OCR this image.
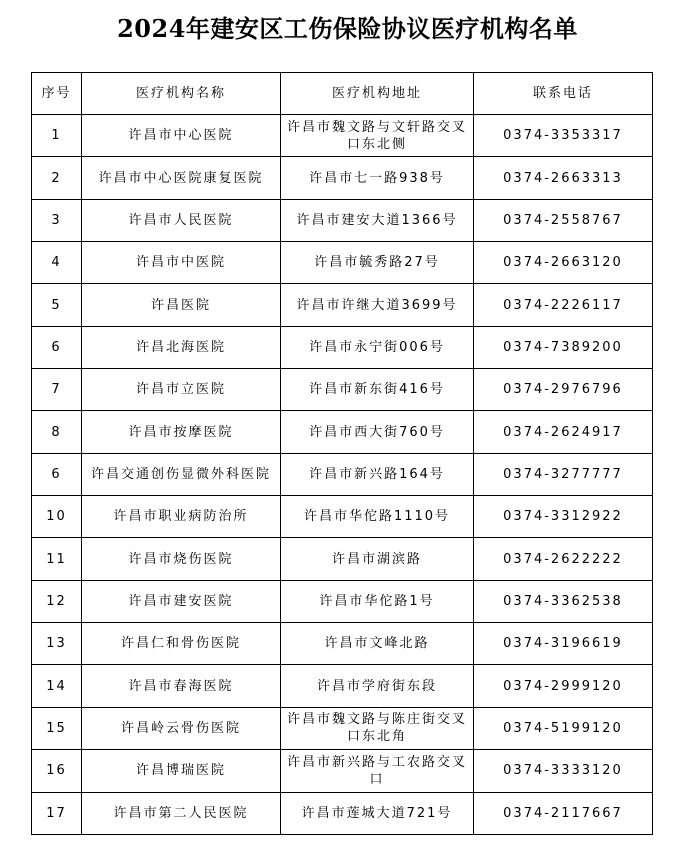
2024年建安区工伤保险协议医疗机构名单
序号	医疗机构名称	医疗机构地址	联系电话
1	许昌市中心医院	许昌市魏文路与文轩路交叉口东北侧	0374-3353317
2	许昌市中心医院康复医院	许昌市七一路938号	0374-2663313
3	许昌市人民医院	许昌市建安大道1366号	0374-2558767
4	许昌市中医院	许昌市毓秀路27号	0374-2663120
5	许昌医院	许昌市许继大道3699号	0374-2226117
6	许昌北海医院	许昌市永宁街006号	0374-7389200
7	许昌市立医院	许昌市新东街416号	0374-2976796
8	许昌市按摩医院	许昌市西大街760号	0374-2624917
6	许昌交通创伤显微外科医院	许昌市新兴路164号	0374-3277777
10	许昌市职业病防治所	许昌市华佗路1110号	0374-3312922
11	许昌市烧伤医院	许昌市湖滨路	0374-2622222
12	许昌市建安医院	许昌市华佗路1号	0374-3362538
13	许昌仁和骨伤医院	许昌市文峰北路	0374-3196619
14	许昌市春海医院	许昌市学府街东段	0374-2999120
15	许昌岭云骨伤医院	许昌市魏文路与陈庄街交叉口东北角	0374-5199120
16	许昌博瑞医院	许昌市新兴路与工农路交叉口	0374-3333120
17	许昌市第二人民医院	许昌市莲城大道721号	0374-2117667
